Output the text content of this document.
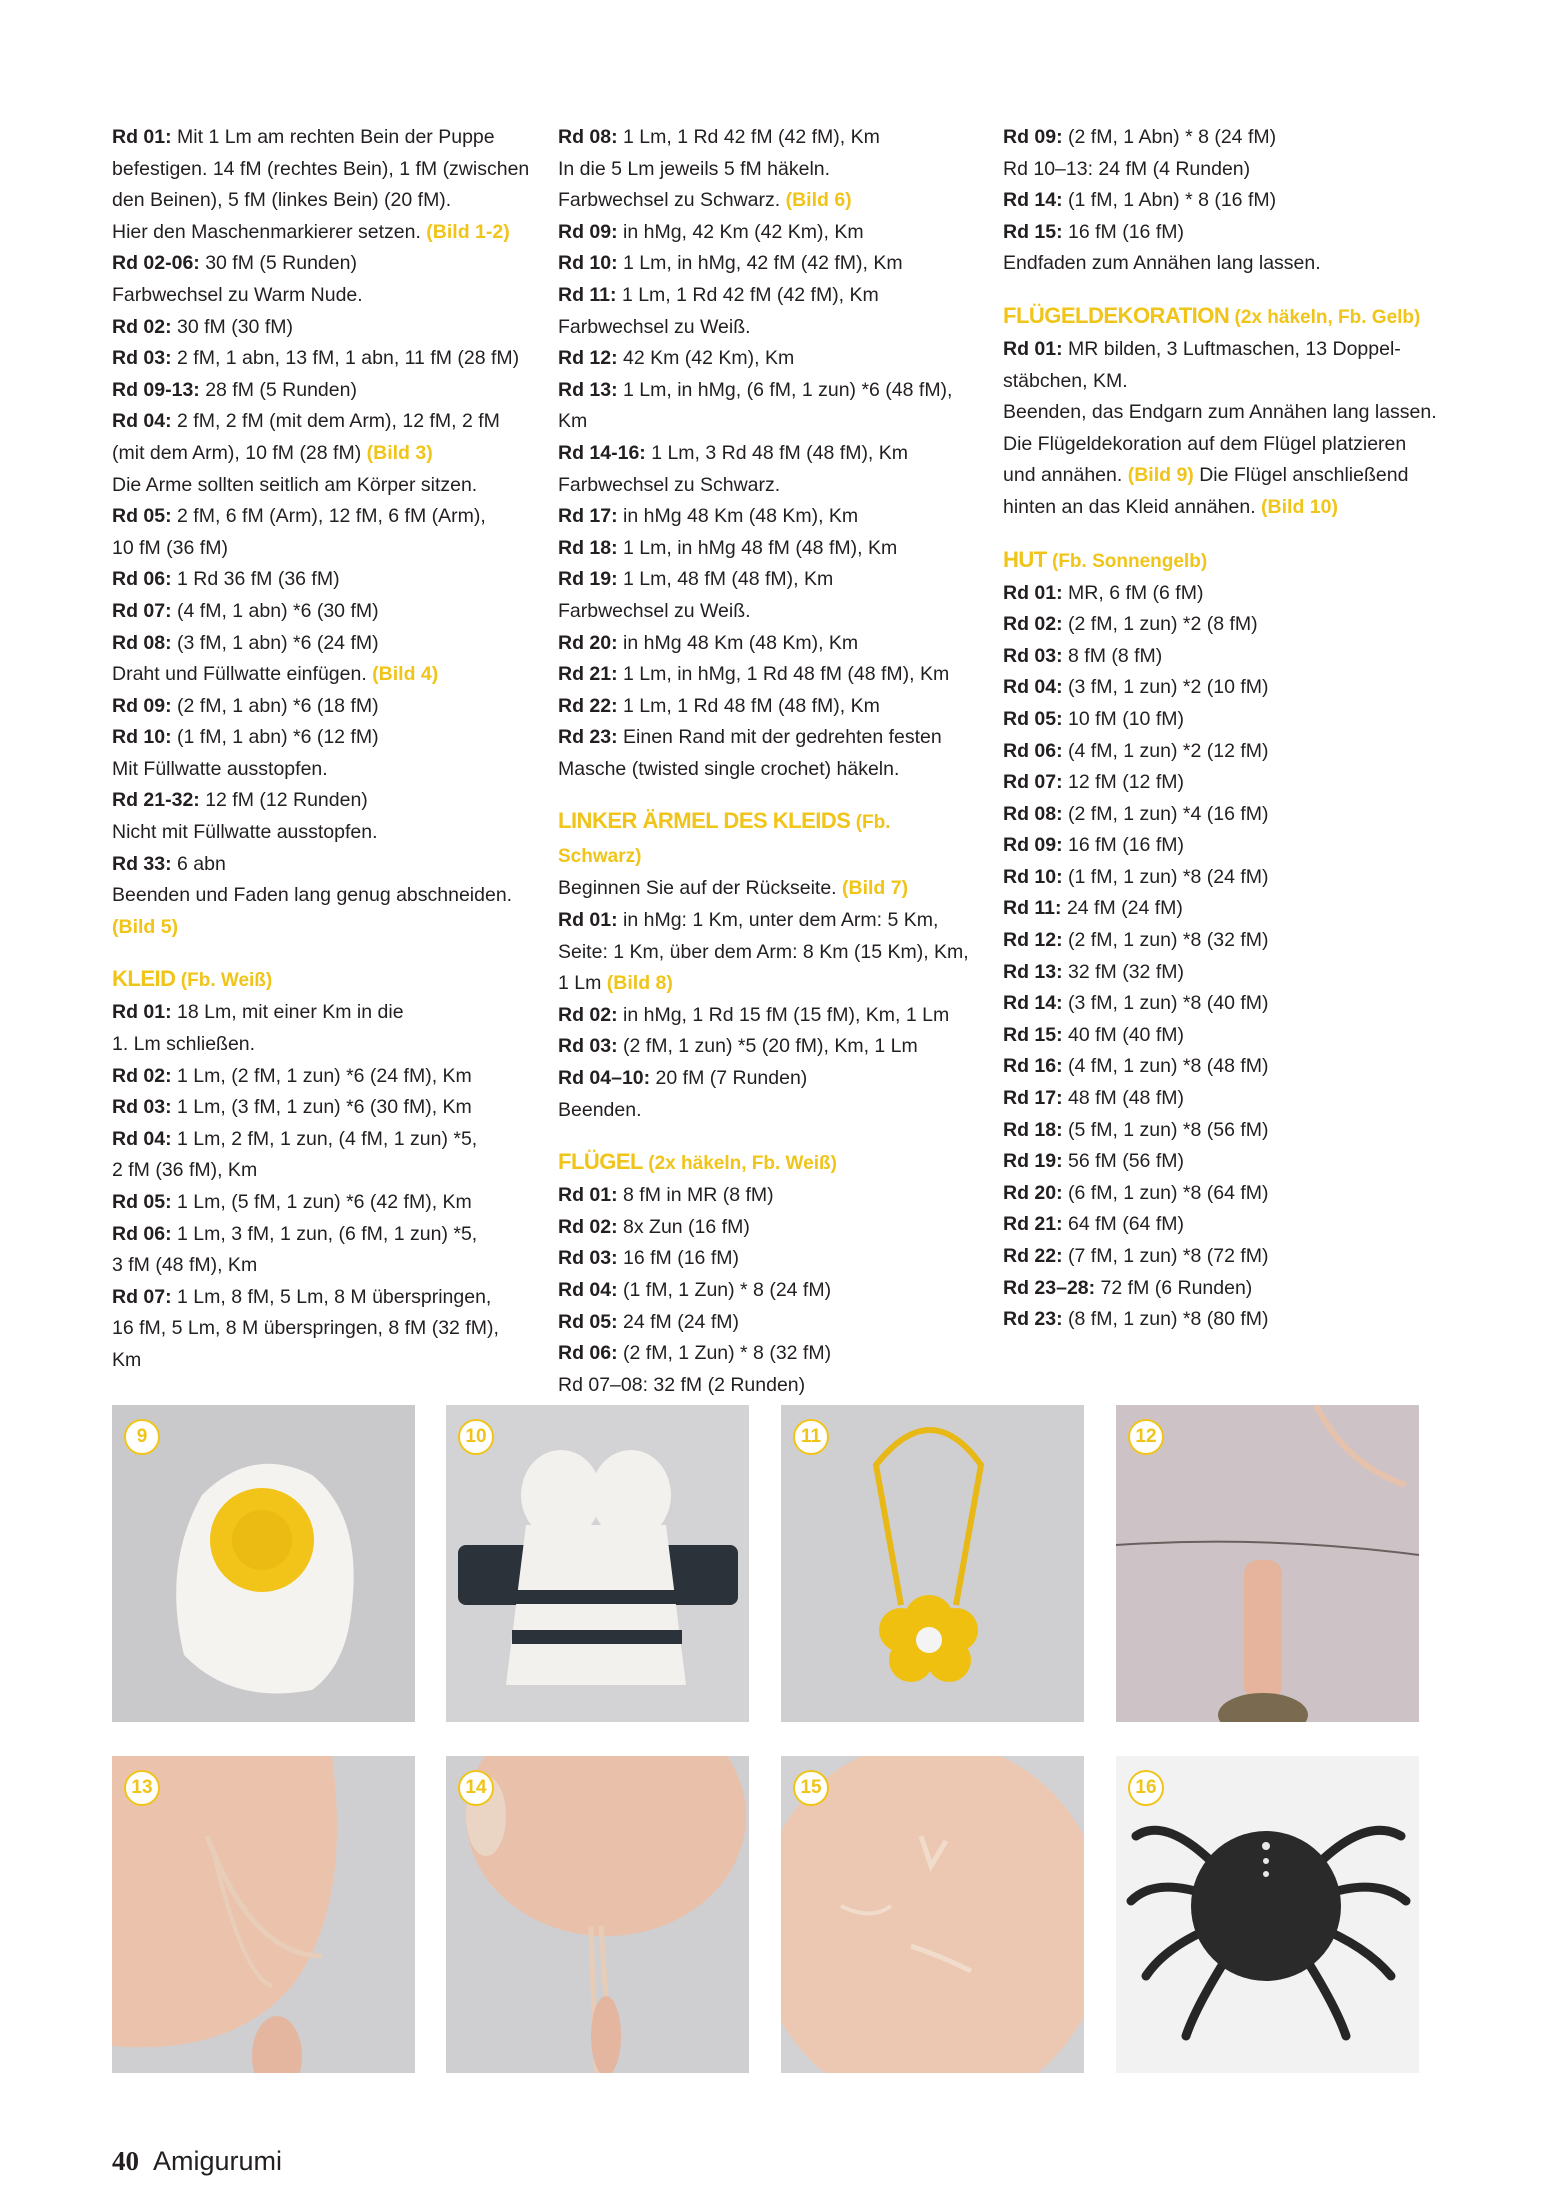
Rd 01: Mit 1 Lm am rechten Bein der Puppe

befestigen. 14 fM (rechtes Bein), 1 fM (zwischen

den Beinen), 5 fM (linkes Bein) (20 fM).

Hier den Maschenmarkierer setzen. (Bild 1-2)

Rd 02-06: 30 fM (5 Runden)

Farbwechsel zu Warm Nude.

Rd 02: 30 fM (30 fM)

Rd 03: 2 fM, 1 abn, 13 fM, 1 abn, 11 fM (28 fM)

Rd 09-13: 28 fM (5 Runden)

Rd 04: 2 fM, 2 fM (mit dem Arm), 12 fM, 2 fM

(mit dem Arm), 10 fM (28 fM) (Bild 3)

Die Arme sollten seitlich am Körper sitzen.

Rd 05: 2 fM, 6 fM (Arm), 12 fM, 6 fM (Arm),

10 fM (36 fM)

Rd 06: 1 Rd 36 fM (36 fM)

Rd 07: (4 fM, 1 abn) *6 (30 fM)

Rd 08: (3 fM, 1 abn) *6 (24 fM)

Draht und Füllwatte einfügen. (Bild 4)

Rd 09: (2 fM, 1 abn) *6 (18 fM)

Rd 10: (1 fM, 1 abn) *6 (12 fM)

Mit Füllwatte ausstopfen.

Rd 21-32: 12 fM (12 Runden)

Nicht mit Füllwatte ausstopfen.

Rd 33: 6 abn

Beenden und Faden lang genug abschneiden.

(Bild 5)

KLEID (Fb. Weiß)

Rd 01: 18 Lm, mit einer Km in die

1. Lm schließen.

Rd 02: 1 Lm, (2 fM, 1 zun) *6 (24 fM), Km

Rd 03: 1 Lm, (3 fM, 1 zun) *6 (30 fM), Km

Rd 04: 1 Lm, 2 fM, 1 zun, (4 fM, 1 zun) *5,

2 fM (36 fM), Km

Rd 05: 1 Lm, (5 fM, 1 zun) *6 (42 fM), Km

Rd 06: 1 Lm, 3 fM, 1 zun, (6 fM, 1 zun) *5,

3 fM (48 fM), Km

Rd 07: 1 Lm, 8 fM, 5 Lm, 8 M überspringen,

16 fM, 5 Lm, 8 M überspringen, 8 fM (32 fM), Km

Rd 08: 1 Lm, 1 Rd 42 fM (42 fM), Km

In die 5 Lm jeweils 5 fM häkeln.

Farbwechsel zu Schwarz. (Bild 6)

Rd 09: in hMg, 42 Km (42 Km), Km

Rd 10: 1 Lm, in hMg, 42 fM (42 fM), Km

Rd 11: 1 Lm, 1 Rd 42 fM (42 fM), Km

Farbwechsel zu Weiß.

Rd 12: 42 Km (42 Km), Km

Rd 13: 1 Lm, in hMg, (6 fM, 1 zun) *6 (48 fM), Km

Rd 14-16: 1 Lm, 3 Rd 48 fM (48 fM), Km

Farbwechsel zu Schwarz.

Rd 17: in hMg 48 Km (48 Km), Km

Rd 18: 1 Lm, in hMg 48 fM (48 fM), Km

Rd 19: 1 Lm, 48 fM (48 fM), Km

Farbwechsel zu Weiß.

Rd 20: in hMg 48 Km (48 Km), Km

Rd 21: 1 Lm, in hMg, 1 Rd 48 fM (48 fM), Km

Rd 22: 1 Lm, 1 Rd 48 fM (48 fM), Km

Rd 23: Einen Rand mit der gedrehten festen

Masche (twisted single crochet) häkeln.

LINKER ÄRMEL DES KLEIDS (Fb. Schwarz)

Beginnen Sie auf der Rückseite. (Bild 7)

Rd 01: in hMg: 1 Km, unter dem Arm: 5 Km,

Seite: 1 Km, über dem Arm: 8 Km (15 Km), Km,

1 Lm (Bild 8)

Rd 02: in hMg, 1 Rd 15 fM (15 fM), Km, 1 Lm

Rd 03: (2 fM, 1 zun) *5 (20 fM), Km, 1 Lm

Rd 04–10: 20 fM (7 Runden)

Beenden.

FLÜGEL (2x häkeln, Fb. Weiß)

Rd 01: 8 fM in MR (8 fM)

Rd 02: 8x Zun (16 fM)

Rd 03: 16 fM (16 fM)

Rd 04: (1 fM, 1 Zun) * 8 (24 fM)

Rd 05: 24 fM (24 fM)

Rd 06: (2 fM, 1 Zun) * 8 (32 fM)

Rd 07–08: 32 fM (2 Runden)

Rd 09: (2 fM, 1 Abn) * 8 (24 fM)

Rd 10–13: 24 fM (4 Runden)

Rd 14: (1 fM, 1 Abn) * 8 (16 fM)

Rd 15: 16 fM (16 fM)

Endfaden zum Annähen lang lassen.

FLÜGELDEKORATION (2x häkeln, Fb. Gelb)

Rd 01: MR bilden, 3 Luftmaschen, 13 Doppel-

stäbchen, KM.

Beenden, das Endgarn zum Annähen lang lassen.

Die Flügeldekoration auf dem Flügel platzieren

und annähen. (Bild 9) Die Flügel anschließend

hinten an das Kleid annähen. (Bild 10)

HUT (Fb. Sonnengelb)

Rd 01: MR, 6 fM (6 fM)

Rd 02: (2 fM, 1 zun) *2 (8 fM)

Rd 03: 8 fM (8 fM)

Rd 04: (3 fM, 1 zun) *2 (10 fM)

Rd 05: 10 fM (10 fM)

Rd 06: (4 fM, 1 zun) *2 (12 fM)

Rd 07: 12 fM (12 fM)

Rd 08: (2 fM, 1 zun) *4 (16 fM)

Rd 09: 16 fM (16 fM)

Rd 10: (1 fM, 1 zun) *8 (24 fM)

Rd 11: 24 fM (24 fM)

Rd 12: (2 fM, 1 zun) *8 (32 fM)

Rd 13: 32 fM (32 fM)

Rd 14: (3 fM, 1 zun) *8 (40 fM)

Rd 15: 40 fM (40 fM)

Rd 16: (4 fM, 1 zun) *8 (48 fM)

Rd 17: 48 fM (48 fM)

Rd 18: (5 fM, 1 zun) *8 (56 fM)

Rd 19: 56 fM (56 fM)

Rd 20: (6 fM, 1 zun) *8 (64 fM)

Rd 21: 64 fM (64 fM)

Rd 22: (7 fM, 1 zun) *8 (72 fM)

Rd 23–28: 72 fM (6 Runden)

Rd 23: (8 fM, 1 zun) *8 (80 fM)

9	10	11	12
13	14	15	16
40 Amigurumi
